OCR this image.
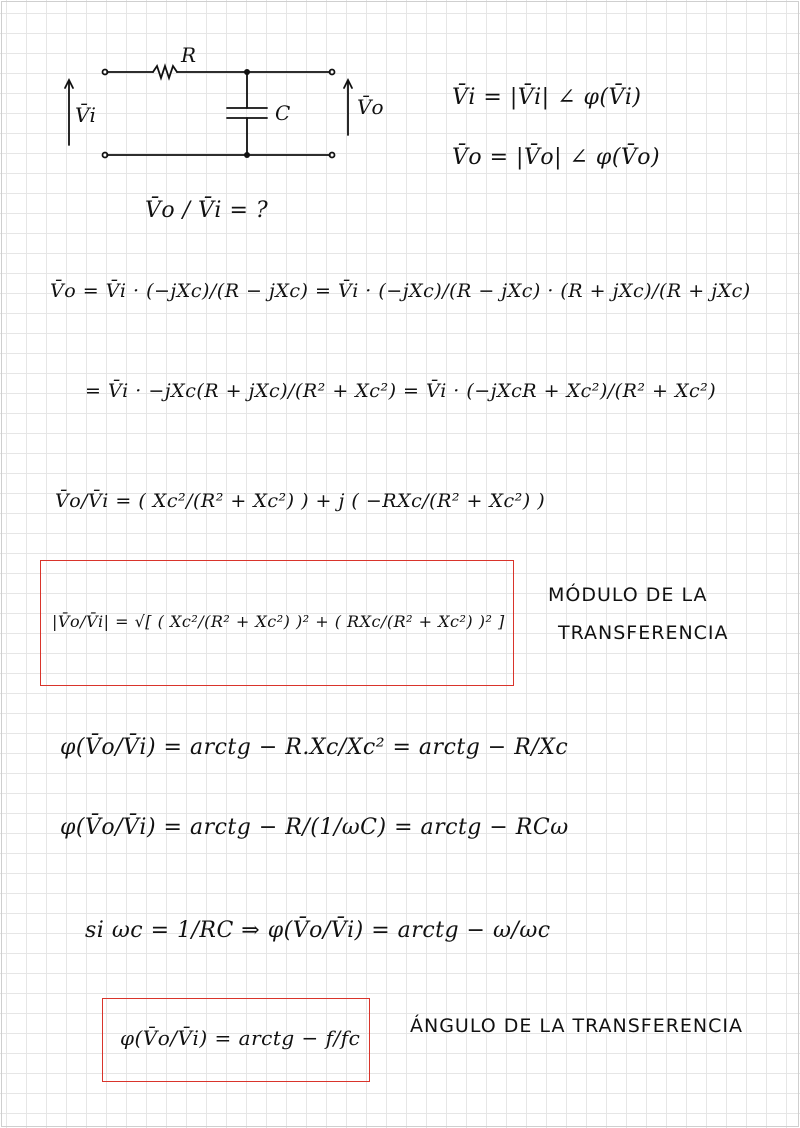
R
C
V̄i	V̄o	V̄i = |V̄i| ∠ φ(V̄i)
V̄o = |V̄o| ∠ φ(V̄o)
V̄o / V̄i = ?
V̄o = V̄i · (−jXc)/(R − jXc) = V̄i · (−jXc)/(R − jXc) · (R + jXc)/(R + jXc)
= V̄i · −jXc(R + jXc)/(R² + Xc²) = V̄i · (−jXcR + Xc²)/(R² + Xc²)
V̄o/V̄i = ( Xc²/(R² + Xc²) ) + j ( −RXc/(R² + Xc²) )
|V̄o/V̄i| = √[ ( Xc²/(R² + Xc²) )² + ( RXc/(R² + Xc²) )² ]
MÓDULO DE LA
TRANSFERENCIA
φ(V̄o/V̄i) = arctg − R.Xc/Xc² = arctg − R/Xc
φ(V̄o/V̄i) = arctg − R/(1/ωC) = arctg − RCω
si ωc = 1/RC ⇒ φ(V̄o/V̄i) = arctg − ω/ωc
φ(V̄o/V̄i) = arctg − f/fc	ÁNGULO DE LA TRANSFERENCIA
